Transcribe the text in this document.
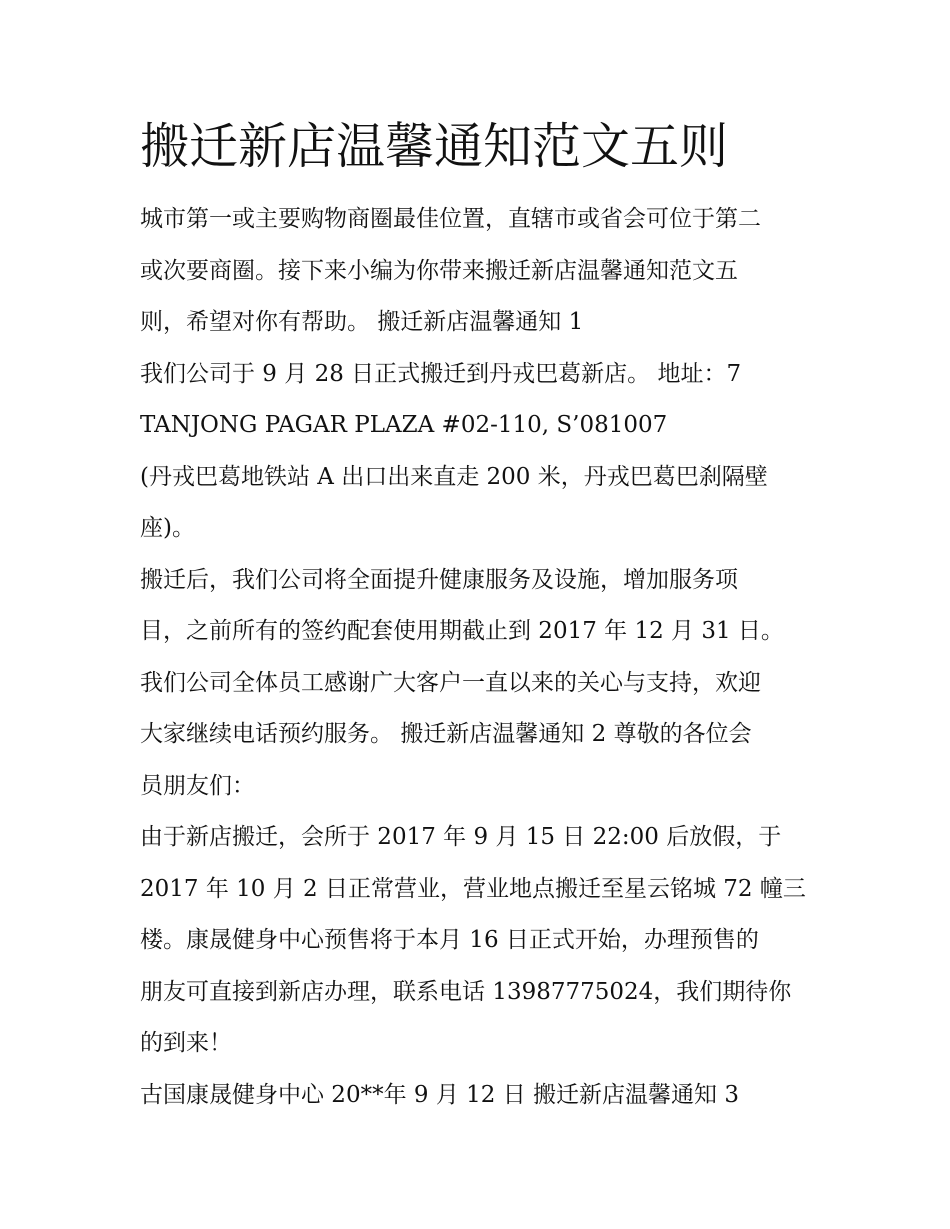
搬迁新店温馨通知范文五则

城市第一或主要购物商圈最佳位置，直辖市或省会可位于第二

或次要商圈。接下来小编为你带来搬迁新店温馨通知范文五

则，希望对你有帮助。 搬迁新店温馨通知 1

我们公司于 9 月 28 日正式搬迁到丹戎巴葛新店。 地址：7

TANJONG PAGAR PLAZA #02-110, S’081007

(丹戎巴葛地铁站 A 出口出来直走 200 米，丹戎巴葛巴刹隔壁

座)。

搬迁后，我们公司将全面提升健康服务及设施，增加服务项

目，之前所有的签约配套使用期截止到 2017 年 12 月 31 日。

我们公司全体员工感谢广大客户一直以来的关心与支持，欢迎

大家继续电话预约服务。 搬迁新店温馨通知 2 尊敬的各位会

员朋友们：

由于新店搬迁，会所于 2017 年 9 月 15 日 22:00 后放假，于

2017 年 10 月 2 日正常营业，营业地点搬迁至星云铭城 72 幢三

楼。康晟健身中心预售将于本月 16 日正式开始，办理预售的

朋友可直接到新店办理，联系电话 13987775024，我们期待你

的到来！

古国康晟健身中心 20**年 9 月 12 日 搬迁新店温馨通知 3
